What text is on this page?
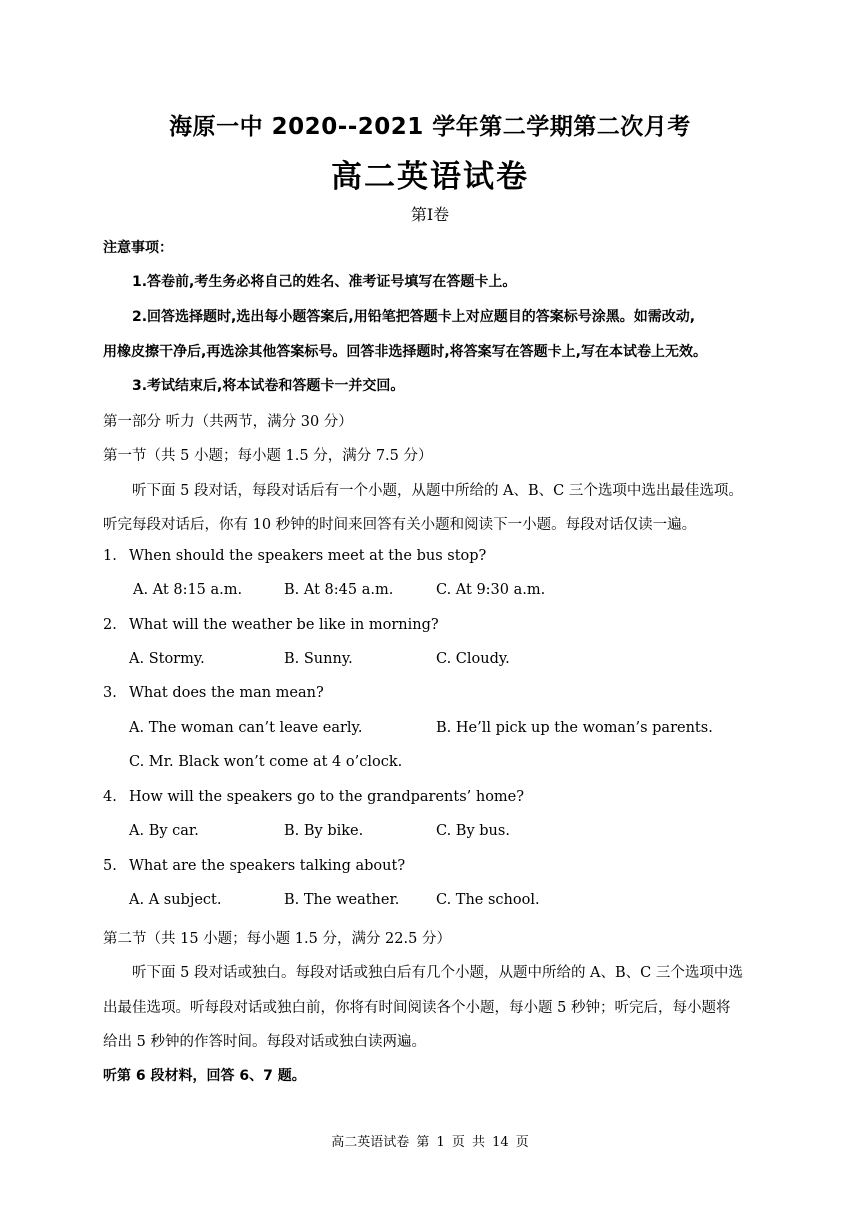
海原一中 2020--2021 学年第二学期第二次月考
高二英语试卷
第Ⅰ卷
注意事项：
1.答卷前,考生务必将自己的姓名、准考证号填写在答题卡上。
2.回答选择题时,选出每小题答案后,用铅笔把答题卡上对应题目的答案标号涂黑。如需改动,
用橡皮擦干净后,再选涂其他答案标号。回答非选择题时,将答案写在答题卡上,写在本试卷上无效。
3.考试结束后,将本试卷和答题卡一并交回。
第一部分 听力（共两节，满分 30 分）
第一节（共 5 小题；每小题 1.5 分，满分 7.5 分）
听下面 5 段对话，每段对话后有一个小题，从题中所给的 A、B、C 三个选项中选出最佳选项。
听完每段对话后，你有 10 秒钟的时间来回答有关小题和阅读下一小题。每段对话仅读一遍。
1. When should the speakers meet at the bus stop?
A. At 8:15 a.m.	B. At 8:45 a.m.	C. At 9:30 a.m.
2. What will the weather be like in morning?
A. Stormy.	B. Sunny.	C. Cloudy.
3. What does the man mean?
A. The woman can’t leave early.	B. He’ll pick up the woman’s parents.
C. Mr. Black won’t come at 4 o’clock.
4. How will the speakers go to the grandparents’ home?
A. By car.	B. By bike.	C. By bus.
5. What are the speakers talking about?
A. A subject.	B. The weather.	C. The school.
第二节（共 15 小题；每小题 1.5 分，满分 22.5 分）
听下面 5 段对话或独白。每段对话或独白后有几个小题，从题中所给的 A、B、C 三个选项中选
出最佳选项。听每段对话或独白前，你将有时间阅读各个小题，每小题 5 秒钟；听完后，每小题将
给出 5 秒钟的作答时间。每段对话或独白读两遍。
听第 6 段材料，回答 6、7 题。
高二英语试卷 第 1 页 共 14 页
